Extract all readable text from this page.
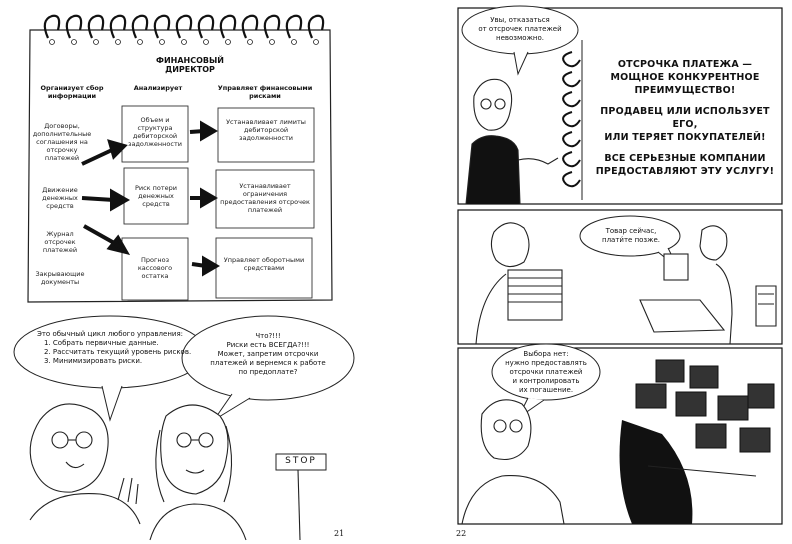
ФИНАНСОВЫЙ ДИРЕКТОР
Организует сбор информации
Анализирует	Управляет финансовыми рисками
Договоры, дополнительные соглашения на отсрочку платежей
Движение денежных средств
Журнал отсрочек платежей
Закрывающие документы
Объем и структура дебиторской задолженности
Риск потери денежных средств
Прогноз кассового остатка
Устанавливает лимиты дебиторской задолженности
Устанавливает ограничения предоставления отсрочек платежей
Управляет оборотными средствами
Это обычный цикл любого управления:
1. Собрать первичные данные.
2. Рассчитать текущий уровень рисков.
3. Минимизировать риски.
Что?!!!
Риски есть ВСЕГДА?!!!
Может, запретим отсрочки
платежей и вернемся к работе
по предоплате?
STOP
21
Увы, отказаться
от отсрочек платежей
невозможно.
ОТСРОЧКА ПЛАТЕЖА —
МОЩНОЕ КОНКУРЕНТНОЕ
ПРЕИМУЩЕСТВО!
ПРОДАВЕЦ ИЛИ ИСПОЛЬЗУЕТ
ЕГО,
ИЛИ ТЕРЯЕТ ПОКУПАТЕЛЕЙ!
ВСЕ СЕРЬЕЗНЫЕ КОМПАНИИ
ПРЕДОСТАВЛЯЮТ ЭТУ УСЛУГУ!
Товар сейчас,
плати́те позже.
Выбора нет:
нужно предоставлять
отсрочки платежей
и контролировать
их погашение.
22
